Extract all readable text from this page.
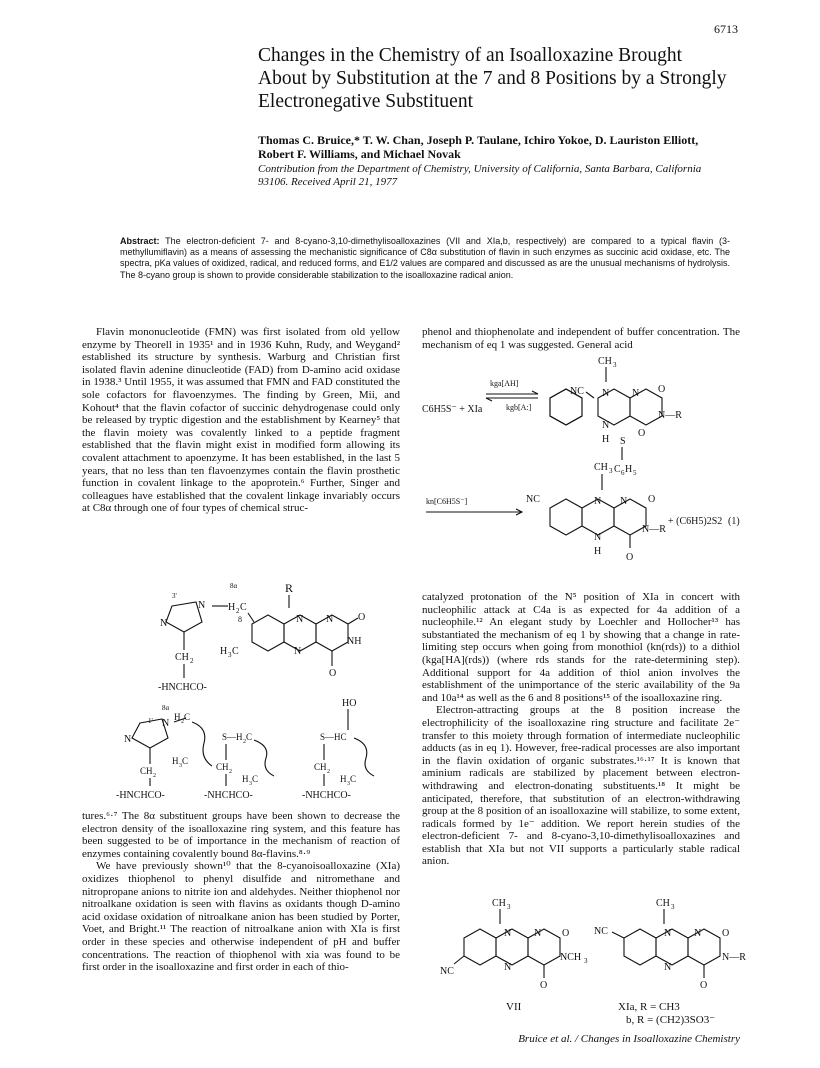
6713
Changes in the Chemistry of an Isoalloxazine Brought About by Substitution at the 7 and 8 Positions by a Strongly Electronegative Substituent
Thomas C. Bruice,* T. W. Chan, Joseph P. Taulane, Ichiro Yokoe, D. Lauriston Elliott, Robert F. Williams, and Michael Novak
Contribution from the Department of Chemistry, University of California, Santa Barbara, California 93106. Received April 21, 1977
Abstract: The electron-deficient 7- and 8-cyano-3,10-dimethylisoalloxazines (VII and XIa,b, respectively) are compared to a typical flavin (3-methyllumiflavin) as a means of assessing the mechanistic significance of C8α substitution of flavin in such enzymes as succinic acid oxidase, etc. The spectra, pKa values of oxidized, radical, and reduced forms, and E1/2 values are compared and discussed as are the unusual mechanisms of hydrolysis. The 8-cyano group is shown to provide considerable stabilization to the isoalloxazine radical anion.

Flavin mononucleotide (FMN) was first isolated from old yellow enzyme by Theorell in 1935¹ and in 1936 Kuhn, Rudy, and Weygand² established its structure by synthesis. Warburg and Christian first isolated flavin adenine dinucleotide (FAD) from D-amino acid oxidase in 1938.³ Until 1955, it was assumed that FMN and FAD constituted the sole cofactors for flavoenzymes. The finding by Green, Mii, and Kohout⁴ that the flavin cofactor of succinic dehydrogenase could only be released by tryptic digestion and the establishment by Kearney⁵ that the flavin moiety was covalently linked to a peptide fragment established that the flavin might exist in modified form allowing its covalent attachment to apoenzyme. It has been established, in the last 5 years, that no less than ten flavoenzymes contain the flavin prosthetic function in covalent linkage to the apoprotein.⁶ Further, Singer and colleagues have established that the covalent linkage invariably occurs at C8α through one of four types of chemical struc-

8α	R
O
NH
N
N N O
H 3 C
8
H 2 C
3'
N
N
CH 2
-HNCHCO-
8α
1'
N
N
H 2 C
H 3 C
CH 2
-HNCHCO-
S—H 2 C
CH 2
H 3 C
-NHCHCO-
HO
S—HC
CH 2
H 3 C
-NHCHCO-

tures.⁶·⁷ The 8α substituent groups have been shown to decrease the electron density of the isoalloxazine ring system, and this feature has been suggested to be of importance in the mechanism of reaction of enzymes containing covalently bound 8α-flavins.⁸·⁹

We have previously shown¹⁰ that the 8-cyanoisoalloxazine (XIa) oxidizes thiophenol to phenyl disulfide and nitromethane and nitropropane anions to nitrite ion and aldehydes. Neither thiophenol nor nitroalkane oxidation is seen with flavins as oxidants though D-amino acid oxidase oxidation of nitroalkane anion has been studied by Porter, Voet, and Bright.¹¹ The reaction of nitroalkane anion with XIa is first order in these species and otherwise independent of pH and buffer concentrations. The reaction of thiophenol with xia was found to be first order in the isoalloxazine and first order in each of thio-

phenol and thiophenolate and independent of buffer concentration. The mechanism of eq 1 was suggested. General acid

C6H5S⁻ + XIa
kga[AH]
kgb[A:]
CH 3
NC N N O
N—R
N
H S
O
C 6 H 5
kn[C6H5S⁻]
CH 3
NC	N N O
N—R
N
H
O
+ (C6H5)2S2 (1)

catalyzed protonation of the N⁵ position of XIa in concert with nucleophilic attack at C4a is as expected for 4a addition of a nucleophile.¹² An elegant study by Loechler and Hollocher¹³ has substantiated the mechanism of eq 1 by showing that a change in rate-limiting step occurs when going from monothiol (kn(rds)) to a dithiol (kga[HA](rds)) (where rds stands for the rate-determining step). Additional support for 4a addition of thiol anion involves the establishment of the unimportance of the steric availability of the 9a and 10a¹⁴ as well as the 6 and 8 positions¹⁵ of the isoalloxazine ring.

Electron-attracting groups at the 8 position increase the electrophilicity of the isoalloxazine ring structure and facilitate 2e⁻ transfer to this moiety through formation of intermediate nucleophilic adducts (as in eq 1). However, free-radical processes are also important in the flavin oxidation of organic substrates.¹⁶·¹⁷ It is known that aminium radicals are stabilized by placement between electron-withdrawing and electron-donating substituents.¹⁸ It might be anticipated, therefore, that substitution of an electron-withdrawing group at the 8 position of an isoalloxazine will stabilize, to some extent, radicals formed by 1e⁻ addition. We report herein studies of the electron-deficient 7- and 8-cyano-3,10-dimethylisoalloxazines and establish that XIa but not VII supports a particularly stable radical anion.

CH 3
N N O
NCH 3
N
O
NC
VII
CH 3
NC	N N O
N—R
N
O
XIa, R = CH3
b, R = (CH2)3SO3⁻
Bruice et al. / Changes in Isoalloxazine Chemistry
